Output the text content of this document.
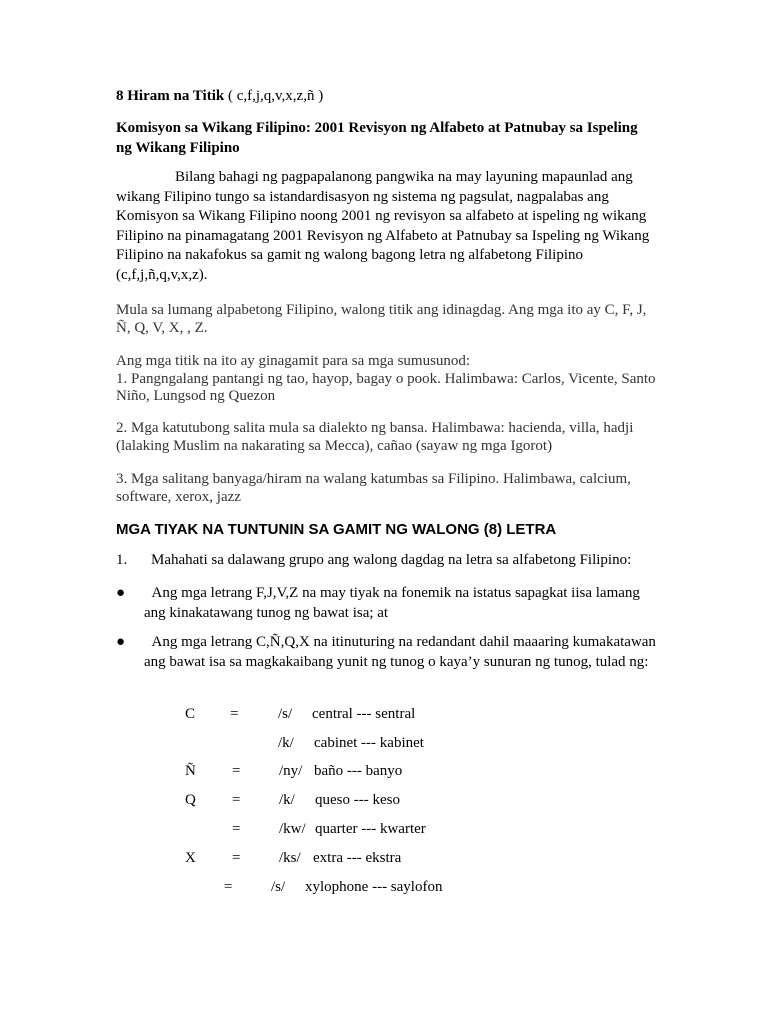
8 Hiram na Titik ( c,f,j,q,v,x,z,ñ )
Komisyon sa Wikang Filipino: 2001 Revisyon ng Alfabeto at Patnubay sa Ispeling ng Wikang Filipino
Bilang bahagi ng pagpapalanong pangwika na may layuning mapaunlad ang wikang Filipino tungo sa istandardisasyon ng sistema ng pagsulat, nagpalabas ang Komisyon sa Wikang Filipino noong 2001 ng revisyon sa alfabeto at ispeling ng wikang Filipino na pinamagatang 2001 Revisyon ng Alfabeto at Patnubay sa Ispeling ng Wikang Filipino na nakafokus sa gamit ng walong bagong letra ng alfabetong Filipino (c,f,j,ñ,q,v,x,z).
Mula sa lumang alpabetong Filipino, walong titik ang idinagdag. Ang mga ito ay C, F, J, Ñ, Q, V, X, , Z.
Ang mga titik na ito ay ginagamit para sa mga sumusunod:
1. Pangngalang pantangi ng tao, hayop, bagay o pook. Halimbawa: Carlos, Vicente, Santo Niño, Lungsod ng Quezon
2. Mga katutubong salita mula sa dialekto ng bansa. Halimbawa: hacienda, villa, hadji (lalaking Muslim na nakarating sa Mecca), cañao (sayaw ng mga Igorot)
3. Mga salitang banyaga/hiram na walang katumbas sa Filipino. Halimbawa, calcium, software, xerox, jazz
MGA TIYAK NA TUNTUNIN SA GAMIT NG WALONG (8) LETRA
1. Mahahati sa dalawang grupo ang walong dagdag na letra sa alfabetong Filipino:
●	Ang mga letrang F,J,V,Z na may tiyak na fonemik na istatus sapagkat iisa lamang ang kinakatawang tunog ng bawat isa; at
●	Ang mga letrang C,Ñ,Q,X na itinuturing na redandant dahil maaaring kumakatawan ang bawat isa sa magkakaibang yunit ng tunog o kaya’y sunuran ng tunog, tulad ng:
C =	/s/ central --- sentral
/k/ cabinet --- kabinet
Ñ =	/ny/ baño --- banyo
Q =	/k/ queso --- keso
=	/kw/ quarter --- kwarter
X =	/ks/ extra --- ekstra
=	/s/ xylophone --- saylofon
